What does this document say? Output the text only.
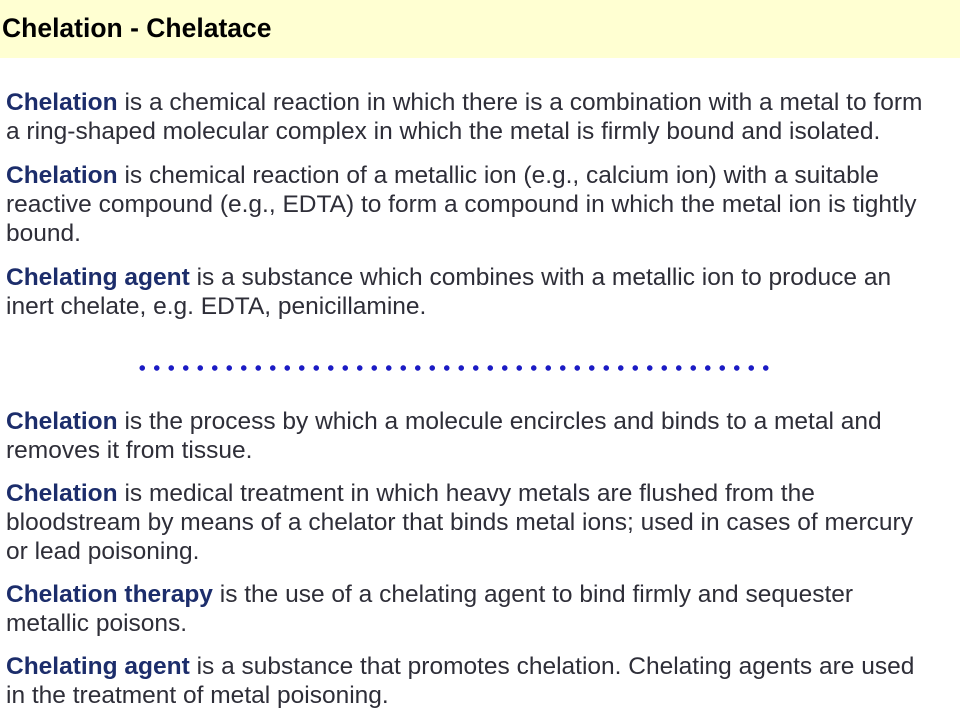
Chelation - Chelatace

Chelation is a chemical reaction in which there is a combination with a metal to form
a ring-shaped molecular complex in which the metal is firmly bound and isolated.

Chelation is chemical reaction of a metallic ion (e.g., calcium ion) with a suitable
reactive compound (e.g., EDTA) to form a compound in which the metal ion is tightly
bound.

Chelating agent is a substance which combines with a metallic ion to produce an
inert chelate, e.g. EDTA, penicillamine.

Chelation is the process by which a molecule encircles and binds to a metal and
removes it from tissue.

Chelation is medical treatment in which heavy metals are flushed from the
bloodstream by means of a chelator that binds metal ions; used in cases of mercury
or lead poisoning.

Chelation therapy is the use of a chelating agent to bind firmly and sequester
metallic poisons.

Chelating agent is a substance that promotes chelation. Chelating agents are used
in the treatment of metal poisoning.
